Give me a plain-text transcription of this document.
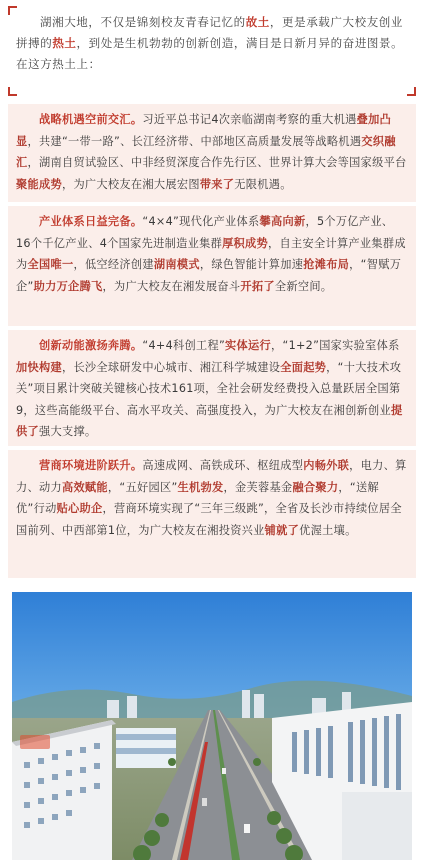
湖湘大地，不仅是锦刻校友青春记忆的故土，更是承载广大校友创业拼搏的热土，到处是生机勃勃的创新创造，满目是日新月异的奋进图景。在这方热土上：

战略机遇空前交汇。习近平总书记4次亲临湖南考察的重大机遇叠加凸显，共建“一带一路”、长江经济带、中部地区高质量发展等战略机遇交织融汇，湖南自贸试验区、中非经贸深度合作先行区、世界计算大会等国家级平台聚能成势，为广大校友在湘大展宏图带来了无限机遇。

产业体系日益完备。“4×4”现代化产业体系攀高向新，5个万亿产业、16个千亿产业、4个国家先进制造业集群厚积成势，自主安全计算产业集群成为全国唯一，低空经济创建湖南模式，绿色智能计算加速抢滩布局，“智赋万企”助力万企腾飞，为广大校友在湘发展奋斗开拓了全新空间。

创新动能激扬奔腾。“4+4科创工程”实体运行，“1+2”国家实验室体系加快构建，长沙全球研发中心城市、湘江科学城建设全面起势，“十大技术攻关”项目累计突破关键核心技术161项，全社会研发经费投入总量跃居全国第9，这些高能级平台、高水平攻关、高强度投入，为广大校友在湘创新创业提供了强大支撑。

营商环境进阶跃升。高速成网、高铁成环、枢纽成型内畅外联，电力、算力、动力高效赋能，“五好园区”生机勃发，金芙蓉基金融合聚力，“送解优”行动贴心助企，营商环境实现了“三年三级跳”，全省及长沙市持续位居全国前列、中西部第1位，为广大校友在湘投资兴业铺就了优渥土壤。
